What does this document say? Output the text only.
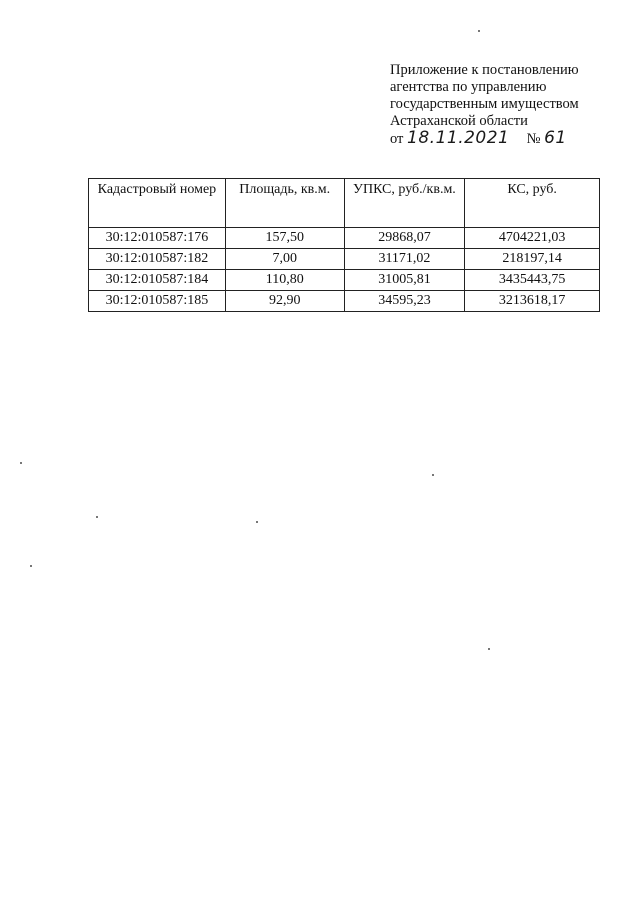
Приложение к постановлению
агентства по управлению
государственным имуществом
Астраханской области
от 18.11.2021 № 61
Кадастровый номер	Площадь, кв.м.	УПКС, руб./кв.м.	КС, руб.
30:12:010587:176	157,50	29868,07	4704221,03
30:12:010587:182	7,00	31171,02	218197,14
30:12:010587:184	110,80	31005,81	3435443,75
30:12:010587:185	92,90	34595,23	3213618,17
